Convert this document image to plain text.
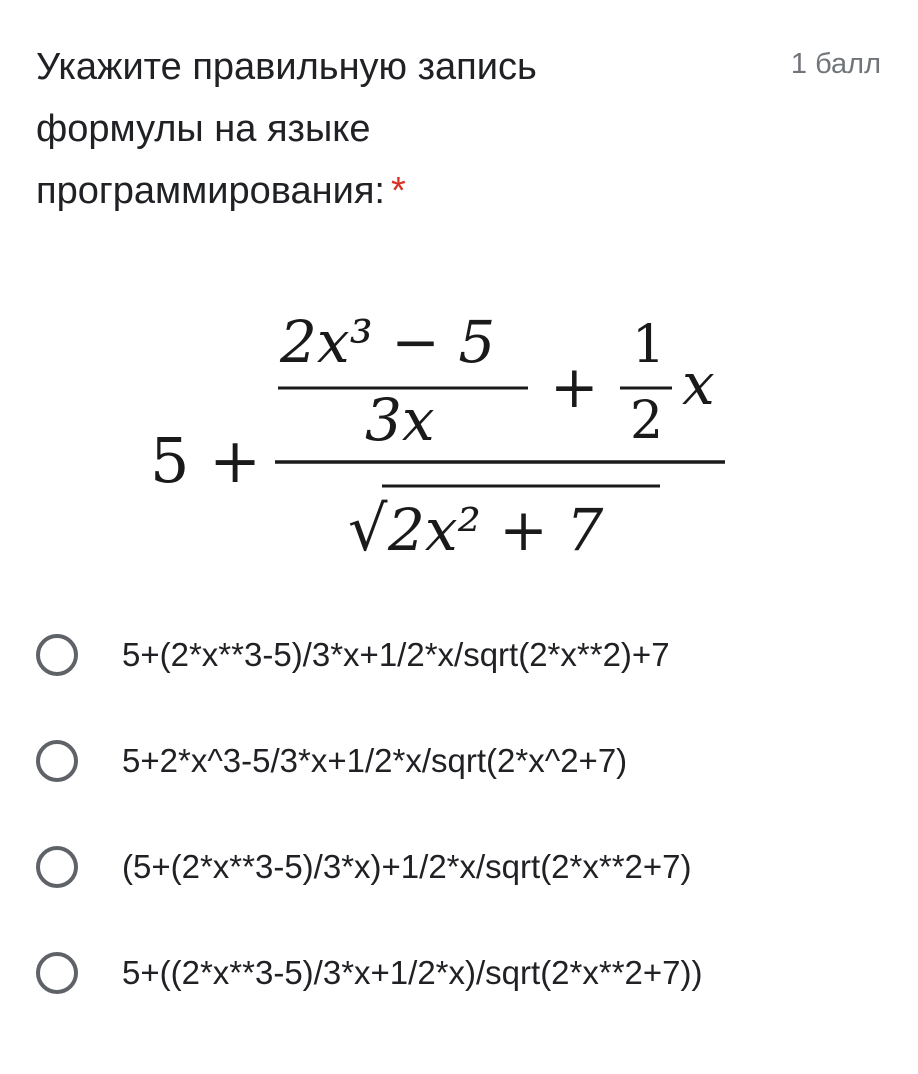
Укажите правильную запись формулы на языке программирования: *
1 балл
5 +
2x³ − 5
3x +
1
2
x
√ 2x² + 7
5+(2*x**3-5)/3*x+1/2*x/sqrt(2*x**2)+7
5+2*x^3-5/3*x+1/2*x/sqrt(2*x^2+7)
(5+(2*x**3-5)/3*x)+1/2*x/sqrt(2*x**2+7)
5+((2*x**3-5)/3*x+1/2*x)/sqrt(2*x**2+7))
